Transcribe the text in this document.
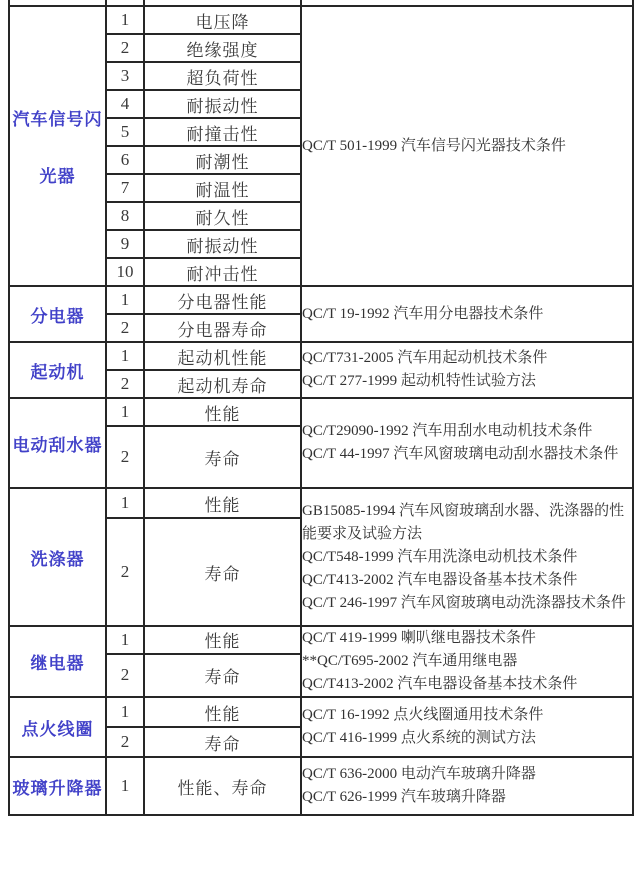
汽车信号闪
光器	1	电压降	QC/T 501-1999 汽车信号闪光器技术条件

	2	绝缘强度	
	3	超负荷性	
	4	耐振动性	
	5	耐撞击性	
	6	耐潮性	
	7	耐温性	
	8	耐久性	
	9	耐振动性	
	10	耐冲击性	

分电器	1	分电器性能	QC/T 19-1992 汽车用分电器技术条件

	2	分电器寿命	

起动机	1	起动机性能	QC/T731-2005 汽车用起动机技术条件
QC/T 277-1999 起动机特性试验方法

	2	起动机寿命	

电动刮水器	1	性能	QC/T29090-1992 汽车用刮水电动机技术条件
QC/T 44-1997 汽车风窗玻璃电动刮水器技术条件

	2	寿命	

洗涤器	1	性能	GB15085-1994 汽车风窗玻璃刮水器、洗涤器的性能要求及试验方法
QC/T548-1999 汽车用洗涤电动机技术条件
QC/T413-2002 汽车电器设备基本技术条件
QC/T 246-1997 汽车风窗玻璃电动洗涤器技术条件

	2	寿命	

继电器	1	性能	QC/T 419-1999 喇叭继电器技术条件
**QC/T695-2002 汽车通用继电器
QC/T413-2002 汽车电器设备基本技术条件

	2	寿命	

点火线圈	1	性能	QC/T 16-1992 点火线圈通用技术条件
QC/T 416-1999 点火系统的测试方法

	2	寿命	

玻璃升降器	1	性能、寿命	QC/T 636-2000 电动汽车玻璃升降器
QC/T 626-1999 汽车玻璃升降器
